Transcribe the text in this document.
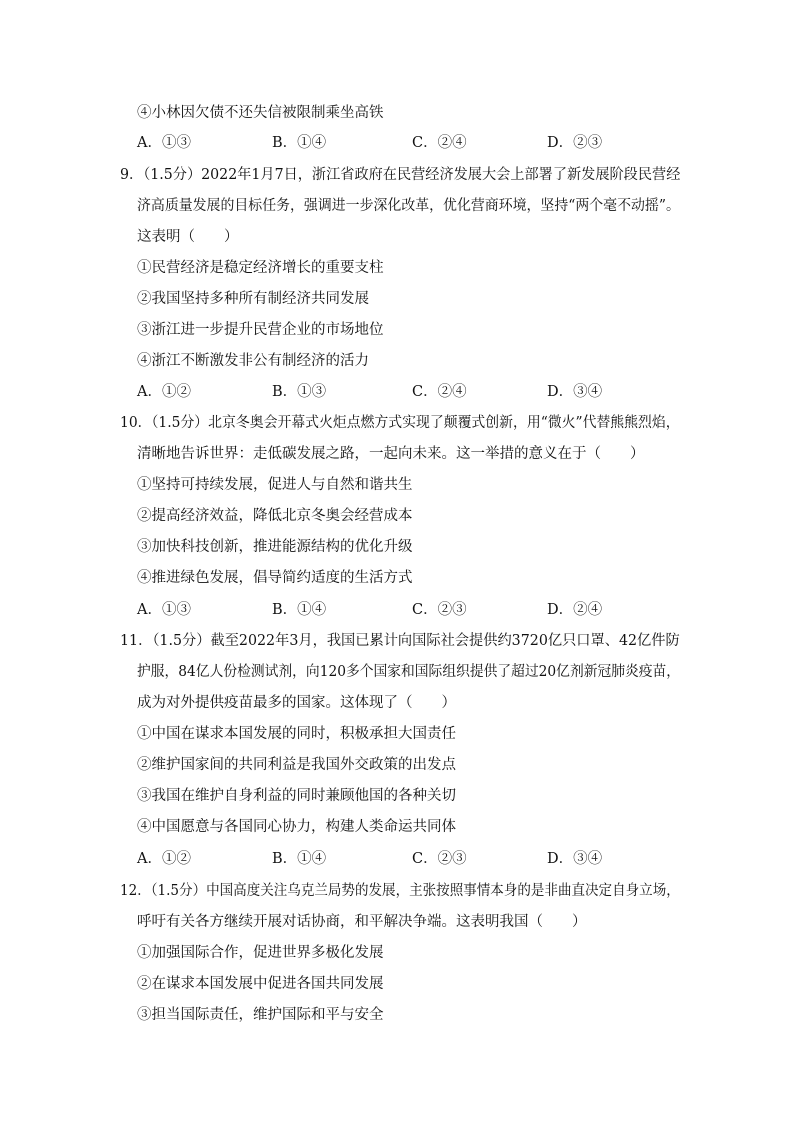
④小林因欠债不还失信被限制乘坐高铁
A．①③	B．①④	C．②④	D．②③
9．（1.5分）2022年1月7日，浙江省政府在民营经济发展大会上部署了新发展阶段民营经
济高质量发展的目标任务，强调进一步深化改革，优化营商环境，坚持“两个毫不动摇”。
这表明（　　）
①民营经济是稳定经济增长的重要支柱
②我国坚持多种所有制经济共同发展
③浙江进一步提升民营企业的市场地位
④浙江不断激发非公有制经济的活力
A．①②	B．①③	C．②④	D．③④
10．（1.5分）北京冬奥会开幕式火炬点燃方式实现了颠覆式创新，用“微火”代替熊熊烈焰，
清晰地告诉世界：走低碳发展之路，一起向未来。这一举措的意义在于（　　）
①坚持可持续发展，促进人与自然和谐共生
②提高经济效益，降低北京冬奥会经营成本
③加快科技创新，推进能源结构的优化升级
④推进绿色发展，倡导简约适度的生活方式
A．①③	B．①④	C．②③	D．②④
11．（1.5分）截至2022年3月，我国已累计向国际社会提供约3720亿只口罩、42亿件防
护服，84亿人份检测试剂，向120多个国家和国际组织提供了超过20亿剂新冠肺炎疫苗，
成为对外提供疫苗最多的国家。这体现了（　　）
①中国在谋求本国发展的同时，积极承担大国责任
②维护国家间的共同利益是我国外交政策的出发点
③我国在维护自身利益的同时兼顾他国的各种关切
④中国愿意与各国同心协力，构建人类命运共同体
A．①②	B．①④	C．②③	D．③④
12．（1.5分）中国高度关注乌克兰局势的发展，主张按照事情本身的是非曲直决定自身立场，
呼吁有关各方继续开展对话协商，和平解决争端。这表明我国（　　）
①加强国际合作，促进世界多极化发展
②在谋求本国发展中促进各国共同发展
③担当国际责任，维护国际和平与安全
